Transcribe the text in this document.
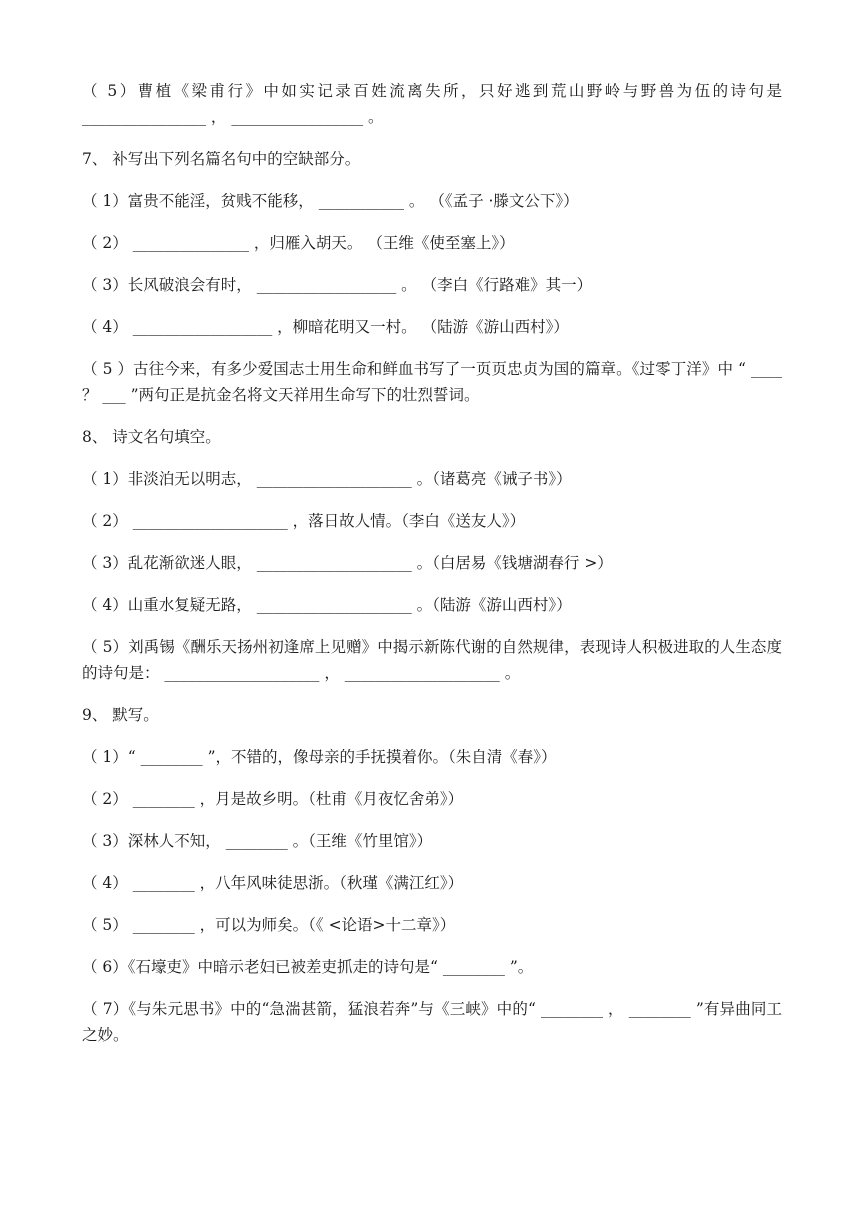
（ 5）曹植《梁甫行》中如实记录百姓流离失所，只好逃到荒山野岭与野兽为伍的诗句是 ________________ ， _________________ 。
7、 补写出下列名篇名句中的空缺部分。
（ 1）富贵不能淫，贫贱不能移， ___________ 。 （《孟子 ·滕文公下》）
（ 2） _______________ ，归雁入胡天。 （王维《使至塞上》）
（ 3）长风破浪会有时， __________________ 。 （李白《行路难》其一）
（ 4） __________________ ，柳暗花明又一村。 （陆游《游山西村》）
（ 5 ）古往今来，有多少爱国志士用生命和鲜血书写了一页页忠贞为国的篇章。《过零丁洋》中 “ ____ ？ ___ ”两句正是抗金名将文天祥用生命写下的壮烈誓词。
8、 诗文名句填空。
（ 1）非淡泊无以明志， ____________________ 。（诸葛亮《诫子书》）
（ 2） ____________________ ，落日故人情。（李白《送友人》）
（ 3）乱花渐欲迷人眼， ____________________ 。（白居易《钱塘湖春行 >）
（ 4）山重水复疑无路， ____________________ 。（陆游《游山西村》）
（ 5）刘禹锡《酬乐天扬州初逢席上见赠》中揭示新陈代谢的自然规律，表现诗人积极进取的人生态度的诗句是： ____________________ ， ____________________ 。
9、 默写。
（ 1）“ ________ ”，不错的，像母亲的手抚摸着你。（朱自清《春》）
（ 2） ________ ，月是故乡明。（杜甫《月夜忆舍弟》）
（ 3）深林人不知， ________ 。（王维《竹里馆》）
（ 4） ________ ，八年风味徒思浙。（秋瑾《满江红》）
（ 5） ________ ，可以为师矣。（《 <论语>十二章》）
（ 6）《石壕吏》中暗示老妇已被差吏抓走的诗句是“ ________ ”。
（ 7）《与朱元思书》中的“急湍甚箭，猛浪若奔”与《三峡》中的“ ________ ， ________ ”有异曲同工之妙。
